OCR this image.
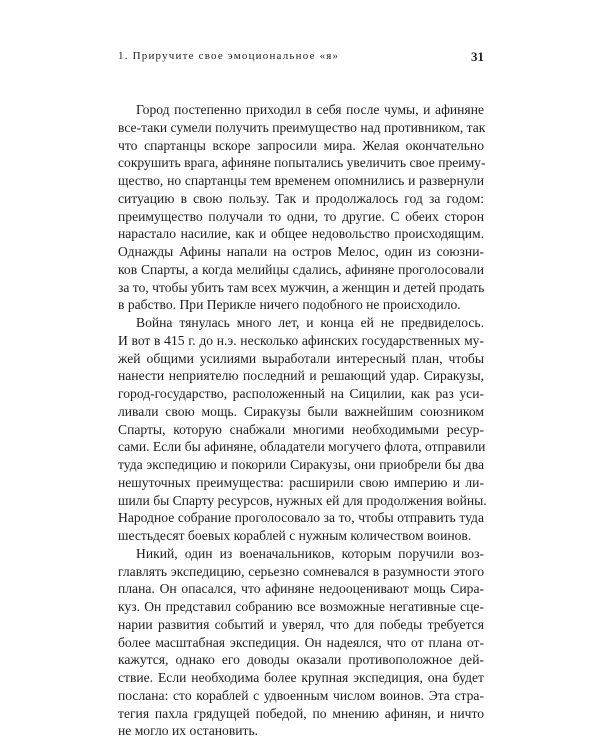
1. Приручите свое эмоциональное «я»	31
Город постепенно приходил в себя после чумы, и афиняне
все-таки сумели получить преимущество над противником, так
что спартанцы вскоре запросили мира. Желая окончательно
сокрушить врага, афиняне попытались увеличить свое преиму-
щество, но спартанцы тем временем опомнились и развернули
ситуацию в свою пользу. Так и продолжалось год за годом:
преимущество получали то одни, то другие. С обеих сторон
нарастало насилие, как и общее недовольство происходящим.
Однажды Афины напали на остров Мелос, один из союзни-
ков Спарты, а когда мелийцы сдались, афиняне проголосовали
за то, чтобы убить там всех мужчин, а женщин и детей продать
в рабство. При Перикле ничего подобного не происходило.
Война тянулась много лет, и конца ей не предвиделось.
И вот в 415 г. до н.э. несколько афинских государственных му-
жей общими усилиями выработали интересный план, чтобы
нанести неприятелю последний и решающий удар. Сиракузы,
город-государство, расположенный на Сицилии, как раз уси-
ливали свою мощь. Сиракузы были важнейшим союзником
Спарты, которую снабжали многими необходимыми ресур-
сами. Если бы афиняне, обладатели могучего флота, отправили
туда экспедицию и покорили Сиракузы, они приобрели бы два
нешуточных преимущества: расширили свою империю и ли-
шили бы Спарту ресурсов, нужных ей для продолжения войны.
Народное собрание проголосовало за то, чтобы отправить туда
шестьдесят боевых кораблей с нужным количеством воинов.
Никий, один из военачальников, которым поручили воз-
главлять экспедицию, серьезно сомневался в разумности этого
плана. Он опасался, что афиняне недооценивают мощь Сира-
куз. Он представил собранию все возможные негативные сце-
нарии развития событий и уверял, что для победы требуется
более масштабная экспедиция. Он надеялся, что от плана от-
кажутся, однако его доводы оказали противоположное дей-
ствие. Если необходима более крупная экспедиция, она будет
послана: сто кораблей с удвоенным числом воинов. Эта стра-
тегия пахла грядущей победой, по мнению афинян, и ничто
не могло их остановить.
